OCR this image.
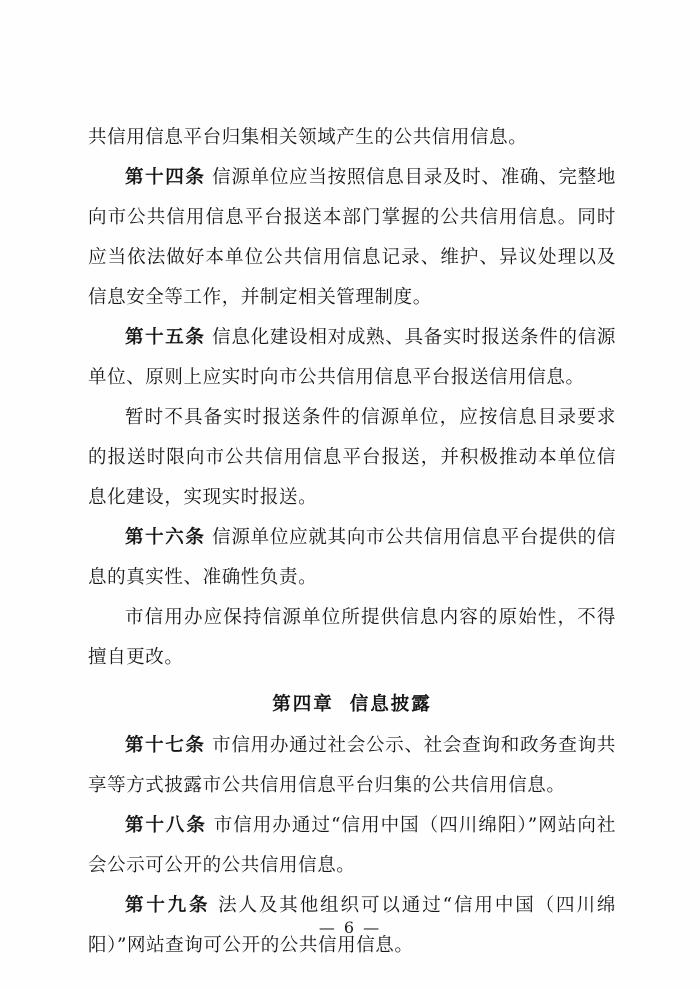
共信用信息平台归集相关领域产生的公共信用信息。

第十四条 信源单位应当按照信息目录及时、准确、完整地向市公共信用信息平台报送本部门掌握的公共信用信息。同时应当依法做好本单位公共信用信息记录、维护、异议处理以及信息安全等工作，并制定相关管理制度。

第十五条 信息化建设相对成熟、具备实时报送条件的信源单位、原则上应实时向市公共信用信息平台报送信用信息。

暂时不具备实时报送条件的信源单位，应按信息目录要求的报送时限向市公共信用信息平台报送，并积极推动本单位信息化建设，实现实时报送。

第十六条 信源单位应就其向市公共信用信息平台提供的信息的真实性、准确性负责。

市信用办应保持信源单位所提供信息内容的原始性，不得擅自更改。

第四章 信息披露

第十七条 市信用办通过社会公示、社会查询和政务查询共享等方式披露市公共信用信息平台归集的公共信用信息。

第十八条 市信用办通过“信用中国（四川绵阳）”网站向社会公示可公开的公共信用信息。

第十九条 法人及其他组织可以通过“信用中国（四川绵阳）”网站查询可公开的公共信用信息。

— 6 —
